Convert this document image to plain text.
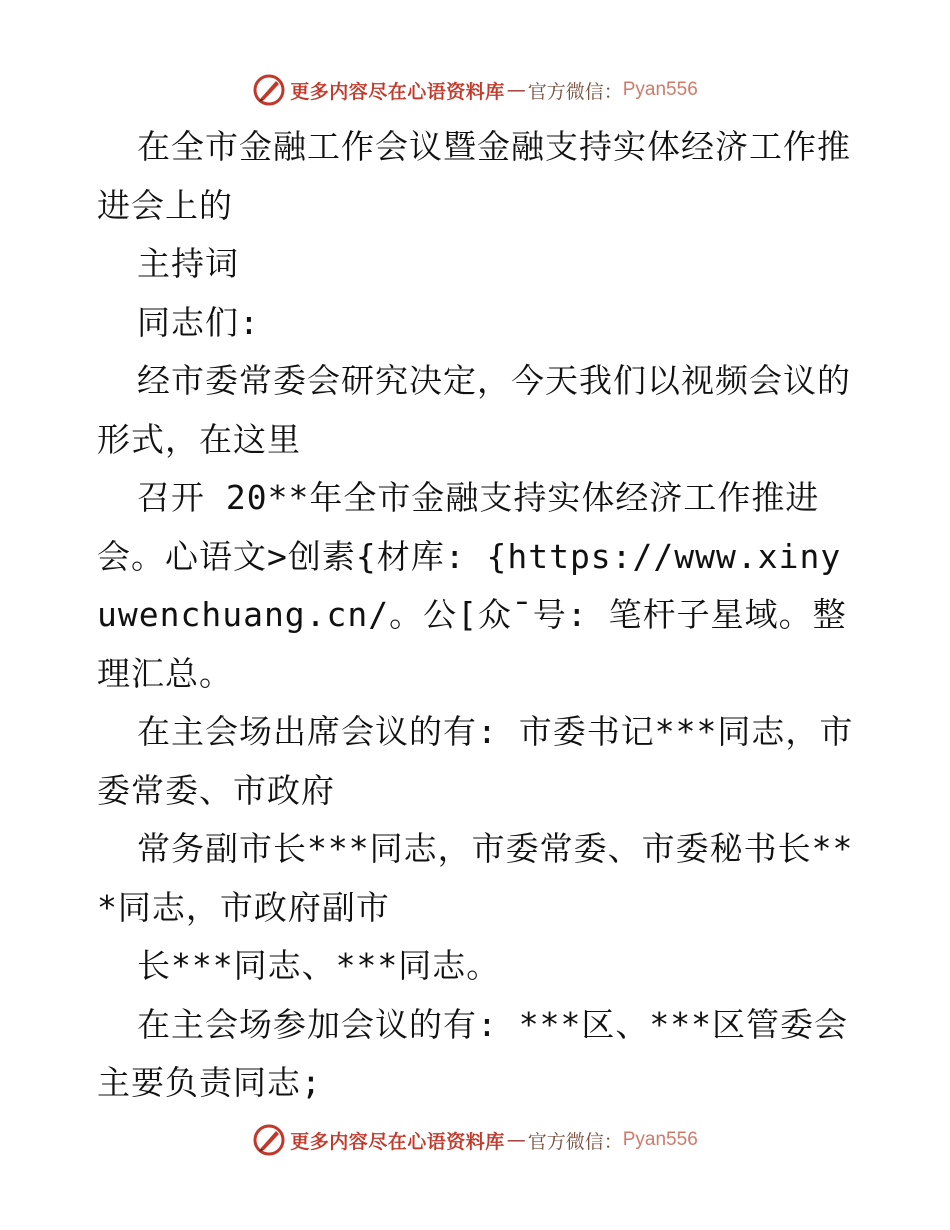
更多内容尽在心语资料库 — 官方微信： Pyan556

在全市金融工作会议暨金融支持实体经济工作推进会上的

主持词

同志们:

经市委常委会研究决定，今天我们以视频会议的形式，在这里

召开 20**年全市金融支持实体经济工作推进会。心语文>创素{材库: {https://www.xinyuwenchuang.cn/。公[众¯号: 笔杆子星域。整理汇总。

在主会场出席会议的有: 市委书记***同志，市委常委、市政府

常务副市长***同志，市委常委、市委秘书长***同志，市政府副市

长***同志、***同志。

在主会场参加会议的有: ***区、***区管委会主要负责同志;

更多内容尽在心语资料库 — 官方微信： Pyan556
